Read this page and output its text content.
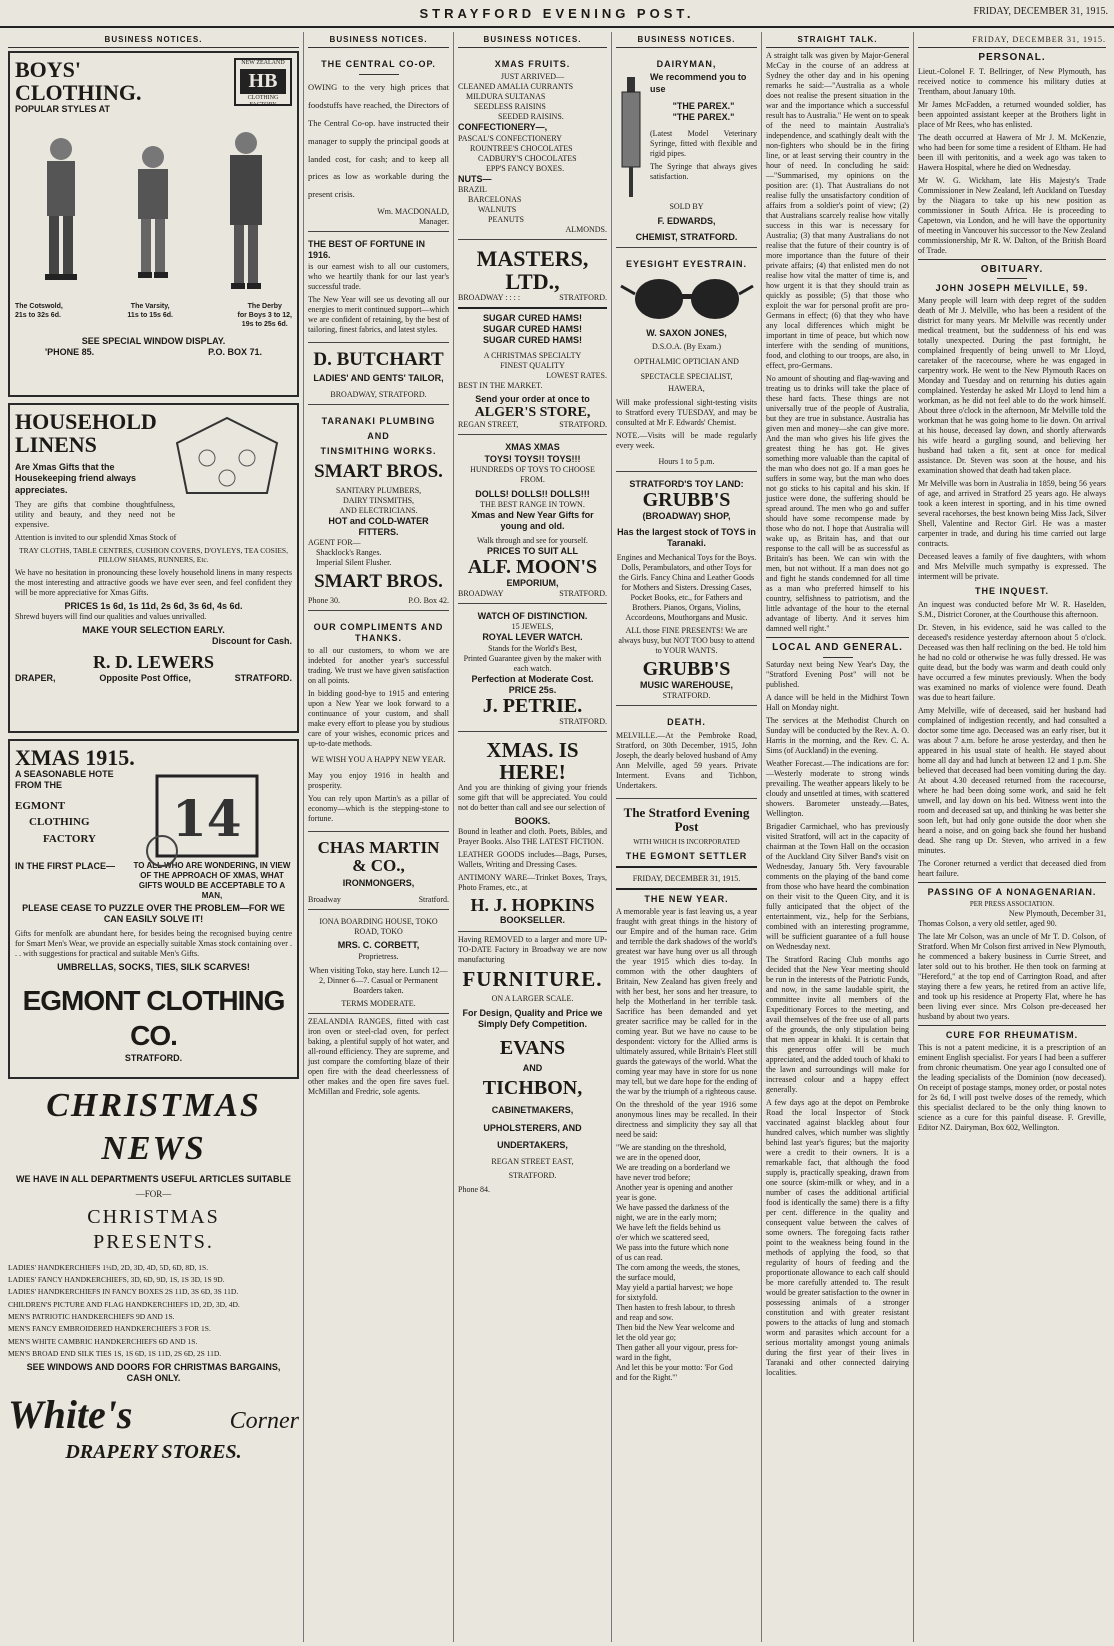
STRAYFORD EVENING POST.	FRIDAY, DECEMBER 31, 1915.
BUSINESS NOTICES.
BOYS'
CLOTHING.
POPULAR STYLES AT
NEW ZEALAND
HB
CLOTHING FACTORY
The Cotswold,
21s to 32s 6d.
The Varsity,
11s to 15s 6d.
The Derby
for Boys 3 to 12,
19s to 25s 6d.
SEE SPECIAL WINDOW DISPLAY.
'PHONE 85.	P.O. BOX 71.
HOUSEHOLD
LINENS
Are Xmas Gifts that the Housekeeping friend always appreciates.

They are gifts that combine thoughtfulness, utility and beauty, and they need not be expensive.

Attention is invited to our splendid Xmas Stock of

TRAY CLOTHS, TABLE CENTRES, CUSHION COVERS, D'OYLEYS, TEA COSIES, PILLOW SHAMS, RUNNERS, Etc.

We have no hesitation in pronouncing these lovely household linens in many respects the most interesting and attractive goods we have ever seen, and feel confident they will be more appreciative for Xmas Gifts.

PRICES 1s 6d, 1s 11d, 2s 6d, 3s 6d, 4s 6d.

Shrewd buyers will find our qualities and values unrivalled.

MAKE YOUR SELECTION EARLY.
Discount for Cash.
R. D. LEWERS
DRAPER,	Opposite Post Office,	STRATFORD.
XMAS 1915.
A SEASONABLE HOTE
FROM THE
14
EGMONT
CLOTHING
FACTORY
IN THE FIRST PLACE—	TO ALL WHO ARE WONDERING, IN VIEW OF THE APPROACH OF XMAS, WHAT GIFTS WOULD BE ACCEPTABLE TO A MAN,
PLEASE CEASE TO PUZZLE OVER THE PROBLEM—FOR WE CAN EASILY SOLVE IT!

Gifts for menfolk are abundant here, for besides being the recognised buying centre for Smart Men's Wear, we provide an especially suitable Xmas stock containing over . . . with suggestions for practical and suitable Men's Gifts.

UMBRELLAS, SOCKS, TIES, SILK SCARVES!
EGMONT CLOTHING CO.
STRATFORD.
CHRISTMAS NEWS
WE HAVE IN ALL DEPARTMENTS USEFUL ARTICLES SUITABLE
—FOR—
CHRISTMAS
PRESENTS.
LADIES' HANDKERCHIEFS 1½D, 2D, 3D, 4D, 5D, 6D, 8D, 1S.
LADIES' FANCY HANDKERCHIEFS, 3D, 6D, 9D, 1S, 1S 3D, 1S 9D.
LADIES' HANDKERCHIEFS IN FANCY BOXES 2S 11D, 3S 6D, 3S 11D.
CHILDREN'S PICTURE AND FLAG HANDKERCHIEFS 1D, 2D, 3D, 4D.
MEN'S PATRIOTIC HANDKERCHIEFS 9D AND 1S.
MEN'S FANCY EMBROIDERED HANDKERCHIEFS 3 FOR 1S.
MEN'S WHITE CAMBRIC HANDKERCHIEFS 6D AND 1S.
MEN'S BROAD END SILK TIES 1S, 1S 6D, 1S 11D, 2S 6D, 2S 11D.
SEE WINDOWS AND DOORS FOR CHRISTMAS BARGAINS,
CASH ONLY.
White's	Corner
DRAPERY STORES.
BUSINESS NOTICES.
THE CENTRAL CO-OP.

OWING to the very high prices that foodstuffs have reached, the Directors of The Central Co-op. have instructed their manager to supply the principal goods at landed cost, for cash; and to keep all prices as low as workable during the present crisis.

Wm. MACDONALD,
Manager.
THE BEST OF FORTUNE IN 1916.

is our earnest wish to all our customers, who we heartily thank for our last year's successful trade.

The New Year will see us devoting all our energies to merit continued support—which we are confident of retaining, by the best of tailoring, finest fabrics, and latest styles.

D. BUTCHART
LADIES' AND GENTS' TAILOR,
BROADWAY, STRATFORD.
TARANAKI PLUMBING
AND
TINSMITHING WORKS.
SMART BROS.
SANITARY PLUMBERS,
DAIRY TINSMITHS,
AND ELECTRICIANS.
HOT and COLD-WATER FITTERS.
AGENT FOR—
Shacklock's Ranges.
Imperial Silent Flusher.
SMART BROS.
Phone 30.	P.O. Box 42.
OUR COMPLIMENTS AND THANKS.

to all our customers, to whom we are indebted for another year's successful trading. We trust we have given satisfaction on all points.

In bidding good-bye to 1915 and entering upon a New Year we look forward to a continuance of your custom, and shall make every effort to please you by studious care of your wishes, economic prices and up-to-date methods.

WE WISH YOU A HAPPY NEW YEAR.

May you enjoy 1916 in health and prosperity.

You can rely upon Martin's as a pillar of economy—which is the stepping-stone to fortune.

CHAS MARTIN
& CO.,
IRONMONGERS,
Broadway	Stratford.
IONA BOARDING HOUSE, TOKO ROAD, TOKO
MRS. C. CORBETT,
Proprietress.

When visiting Toko, stay here. Lunch 12—2, Dinner 6—7. Casual or Permanent Boarders taken.

TERMS MODERATE.

ZEALANDIA RANGES, fitted with cast iron oven or steel-clad oven, for perfect baking, a plentiful supply of hot water, and all-round efficiency. They are supreme, and just compare the comforting blaze of their open fire with the dead cheerlessness of other makes and the open fire saves fuel. McMillan and Fredric, sole agents.

BUSINESS NOTICES.
XMAS FRUITS.
JUST ARRIVED—
CLEANED AMALIA CURRANTS
MILDURA SULTANAS
SEEDLESS RAISINS
SEEDED RAISINS.
CONFECTIONERY—,
PASCAL'S CONFECTIONERY
ROUNTREE'S CHOCOLATES
CADBURY'S CHOCOLATES
EPP'S FANCY BOXES.
NUTS—
BRAZIL
BARCELONAS
WALNUTS
PEANUTS
ALMONDS.
MASTERS,
LTD.,
BROADWAY : : : :	STRATFORD.
SUGAR CURED HAMS!
SUGAR CURED HAMS!
SUGAR CURED HAMS!
A CHRISTMAS SPECIALTY
FINEST QUALITY
LOWEST RATES.
BEST IN THE MARKET.
Send your order at once to
ALGER'S STORE,
REGAN STREET,	STRATFORD.
XMAS XMAS
TOYS! TOYS!! TOYS!!!
HUNDREDS OF TOYS TO CHOOSE FROM.
DOLLS! DOLLS!! DOLLS!!!
THE BEST RANGE IN TOWN.
Xmas and New Year Gifts for young and old.
Walk through and see for yourself.
PRICES TO SUIT ALL
ALF. MOON'S
EMPORIUM,
BROADWAY	STRATFORD.
WATCH OF DISTINCTION.
15 JEWELS,
ROYAL LEVER WATCH.
Stands for the World's Best,
Printed Guarantee given by the maker with each watch.
Perfection at Moderate Cost.
PRICE 25s.
J. PETRIE.
STRATFORD.
XMAS. IS HERE!

And you are thinking of giving your friends some gift that will be appreciated. You could not do better than call and see our selection of

BOOKS.

Bound in leather and cloth. Poets, Bibles, and Prayer Books. Also THE LATEST FICTION.

LEATHER GOODS includes—Bags, Purses, Wallets, Writing and Dressing Cases.

ANTIMONY WARE—Trinket Boxes, Trays, Photo Frames, etc., at

H. J. HOPKINS
BOOKSELLER.

Having REMOVED to a larger and more UP-TO-DATE Factory in Broadway we are now manufacturing

FURNITURE.
ON A LARGER SCALE.
For Design, Quality and Price we Simply Defy Competition.
EVANS
AND
TICHBON,
CABINETMAKERS,
UPHOLSTERERS, AND
UNDERTAKERS,
REGAN STREET EAST,
STRATFORD.
Phone 84.
BUSINESS NOTICES.
DAIRYMAN,
We recommend you to use
"THE PAREX."
"THE PAREX."

(Latest Model Veterinary Syringe, fitted with flexible and rigid pipes.

The Syringe that always gives satisfaction.

SOLD BY
F. EDWARDS,
CHEMIST, STRATFORD.
EYESIGHT EYESTRAIN.
W. SAXON JONES,
D.S.O.A. (By Exam.)
OPTHALMIC OPTICIAN AND SPECTACLE SPECIALIST,
HAWERA,

Will make professional sight-testing visits to Stratford every TUESDAY, and may be consulted at Mr F. Edwards' Chemist.

NOTE.—Visits will be made regularly every week.

Hours 1 to 5 p.m.
STRATFORD'S TOY LAND:
GRUBB'S
(BROADWAY) SHOP,
Has the largest stock of TOYS in Taranaki.

Engines and Mechanical Toys for the Boys. Dolls, Perambulators, and other Toys for the Girls. Fancy China and Leather Goods for Mothers and Sisters. Dressing Cases, Pocket Books, etc., for Fathers and Brothers. Pianos, Organs, Violins, Accordeons, Mouthorgans and Music.

ALL those FINE PRESENTS! We are always busy, but NOT TOO busy to attend to YOUR WANTS.

GRUBB'S
MUSIC WAREHOUSE,
STRATFORD.
DEATH.

MELVILLE.—At the Pembroke Road, Stratford, on 30th December, 1915, John Joseph, the dearly beloved husband of Amy Ann Melville, aged 59 years. Private Interment. Evans and Tichbon, Undertakers.

The Stratford Evening Post
WITH WHICH IS INCORPORATED
THE EGMONT SETTLER
FRIDAY, DECEMBER 31, 1915.
THE NEW YEAR.

A memorable year is fast leaving us, a year fraught with great things in the history of our Empire and of the human race. Grim and terrible the dark shadows of the world's greatest war have hung over us all through the year 1915 which dies to-day. In common with the other daughters of Britain, New Zealand has given freely and with her best, her sons and her treasure, to help the Motherland in her terrible task. Sacrifice has been demanded and yet greater sacrifice may be called for in the coming year. But we have no cause to be despondent: victory for the Allied arms is ultimately assured, while Britain's Fleet still guards the gateways of the world. What the coming year may have in store for us none may tell, but we dare hope for the ending of the war by the triumph of a righteous cause.

On the threshold of the year 1916 some anonymous lines may be recalled. In their directness and simplicity they say all that need be said:

"We are standing on the threshold,
we are in the opened door,
We are treading on a borderland we
have never trod before;
Another year is opening and another
year is gone.
We have passed the darkness of the
night, we are in the early morn;
We have left the fields behind us
o'er which we scattered seed,
We pass into the future which none
of us can read.
The corn among the weeds, the stones,
the surface mould,
May yield a partial harvest; we hope
for sixtyfold.
Then hasten to fresh labour, to thresh
and reap and sow.
Then bid the New Year welcome and
let the old year go;
Then gather all your vigour, press for-
ward in the fight,
And let this be your motto: 'For God
and for the Right.'"
STRAIGHT TALK.

A straight talk was given by Major-General McCay in the course of an address at Sydney the other day and in his opening remarks he said:—"Australia as a whole does not realise the present situation in the war and the importance which a successful result has to Australia." He went on to speak of the need to maintain Australia's independence, and scathingly dealt with the non-fighters who should be in the firing line, or at least serving their country in the hour of need. In concluding he said:—"Summarised, my opinions on the position are: (1). That Australians do not realise fully the unsatisfactory condition of affairs from a soldier's point of view; (2) that Australians scarcely realise how vitally success in this war is necessary for Australia; (3) that many Australians do not realise that the future of their country is of more importance than the future of their private affairs; (4) that enlisted men do not realise how vital the matter of time is, and how urgent it is that they should train as quickly as possible; (5) that those who exploit the war for personal profit are pro-Germans in effect; (6) that they who have any local differences which might be important in time of peace, but which now interfere with the sending of munitions, food, and clothing to our troops, are also, in effect, pro-Germans.

No amount of shouting and flag-waving and treating us to drinks will take the place of these hard facts. These things are not universally true of the people of Australia, but they are true in substance. Australia has given men and money—she can give more. And the man who gives his life gives the greatest thing he has got. He gives something more valuable than the capital of the man who does not go. If a man goes he suffers in some way, but the man who does not go sticks to his capital and his skin. If justice were done, the suffering should be spread around. The men who go and suffer should have some recompense made by those who do not. I hope that Australia will wake up, as Britain has, and that our response to the call will be as successful as Britain's has been. We can win with the men, but not without. If a man does not go and fight he stands condemned for all time as a man who preferred himself to his country, selfishness to patriotism, and the little advantage of the hour to the eternal advantage of liberty. And it serves him damned well right."

LOCAL AND GENERAL.

Saturday next being New Year's Day, the "Stratford Evening Post" will not be published.

A dance will be held in the Midhirst Town Hall on Monday night.

The services at the Methodist Church on Sunday will be conducted by the Rev. A. O. Harris in the morning, and the Rev. C. A. Sims (of Auckland) in the evening.

Weather Forecast.—The indications are for:—Westerly moderate to strong winds prevailing. The weather appears likely to be cloudy and unsettled at times, with scattered showers. Barometer unsteady.—Bates, Wellington.

Brigadier Carmichael, who has previously visited Stratford, will act in the capacity of chairman at the Town Hall on the occasion of the Auckland City Silver Band's visit on Wednesday, January 5th. Very favourable comments on the playing of the band come from those who have heard the combination on their visit to the Queen City, and it is fully anticipated that the object of the entertainment, viz., help for the Serbians, combined with an interesting programme, will be sufficient guarantee of a full house on Wednesday next.

The Stratford Racing Club months ago decided that the New Year meeting should be run in the interests of the Patriotic Funds, and now, in the same laudable spirit, the committee invite all members of the Expeditionary Forces to the meeting, and avail themselves of the free use of all parts of the grounds, the only stipulation being that men appear in khaki. It is certain that this generous offer will be much appreciated, and the added touch of khaki to the lawn and surroundings will make for increased colour and a happy effect generally.

A few days ago at the depot on Pembroke Road the local Inspector of Stock vaccinated against blackleg about four hundred calves, which number was slightly behind last year's figures; but the majority were a credit to their owners. It is a remarkable fact, that although the food supply is, practically speaking, drawn from one source (skim-milk or whey, and in a number of cases the additional artificial food is identically the same) there is a fifty per cent. difference in the quality and consequent value between the calves of some owners. The foregoing facts rather point to the weakness being found in the methods of applying the food, so that regularity of hours of feeding and the proportionate allowance to each calf should be more carefully attended to. The result would be greater satisfaction to the owner in possessing animals of a stronger constitution and with greater resistant powers to the attacks of lung and stomach worm and parasites which account for a serious mortality amongst young animals during the first year of their lives in Taranaki and other connected dairying localities.

FRIDAY, DECEMBER 31, 1915.
PERSONAL.

Lieut.-Colonel F. T. Bellringer, of New Plymouth, has received notice to commence his military duties at Trentham, about January 10th.

Mr James McFadden, a returned wounded soldier, has been appointed assistant keeper at the Brothers light in place of Mr Rees, who has enlisted.

The death occurred at Hawera of Mr J. M. McKenzie, who had been for some time a resident of Eltham. He had been ill with peritonitis, and a week ago was taken to Hawera Hospital, where he died on Wednesday.

Mr W. G. Wickham, late His Majesty's Trade Commissioner in New Zealand, left Auckland on Tuesday by the Niagara to take up his new position as commissioner in South Africa. He is proceeding to Capetown, via London, and he will have the opportunity of meeting in Vancouver his successor to the New Zealand commissionership, Mr R. W. Dalton, of the British Board of Trade.

OBITUARY.
JOHN JOSEPH MELVILLE, 59.

Many people will learn with deep regret of the sudden death of Mr J. Melville, who has been a resident of the district for many years. Mr Melville was recently under medical treatment, but the suddenness of his end was totally unexpected. During the past fortnight, he complained frequently of being unwell to Mr Lloyd, caretaker of the racecourse, where he was engaged in carpentry work. He went to the New Plymouth Races on Monday and Tuesday and on returning his duties again complained. Yesterday he asked Mr Lloyd to lend him a workman, as he did not feel able to do the work himself. About three o'clock in the afternoon, Mr Melville told the workman that he was going home to lie down. On arrival at his house, deceased lay down, and shortly afterwards his wife heard a gurgling sound, and believing her husband had taken a fit, sent at once for medical assistance. Dr. Steven was soon at the house, and his examination showed that death had taken place.

Mr Melville was born in Australia in 1859, being 56 years of age, and arrived in Stratford 25 years ago. He always took a keen interest in sporting, and in his time owned several racehorses, the best known being Miss Jack, Silver Shell, Valentine and Rector Girl. He was a master carpenter in trade, and during his time carried out large contracts.

Deceased leaves a family of five daughters, with whom and Mrs Melville much sympathy is expressed. The interment will be private.

THE INQUEST.

An inquest was conducted before Mr W. R. Haselden, S.M., District Coroner, at the Courthouse this afternoon.

Dr. Steven, in his evidence, said he was called to the deceased's residence yesterday afternoon about 5 o'clock. Deceased was then half reclining on the bed. He told him he had no cold or otherwise he was fully dressed. He was quite dead, but the body was warm and death could only have occurred a few minutes previously. When the body was examined no marks of violence were found. Death was due to heart failure.

Amy Melville, wife of deceased, said her husband had complained of indigestion recently, and had consulted a doctor some time ago. Deceased was an early riser, but it was about 7 a.m. before he arose yesterday, and then he appeared in his usual state of health. He stayed about home all day and had lunch at between 12 and 1 p.m. She believed that deceased had been vomiting during the day. At about 4.30 deceased returned from the racecourse, where he had been doing some work, and said he felt unwell, and lay down on his bed. Witness went into the room and deceased sat up, and thinking he was better she soon left, but had only gone outside the door when she heard a noise, and on going back she found her husband dead. She rang up Dr. Steven, who arrived in a few minutes.

The Coroner returned a verdict that deceased died from heart failure.

PASSING OF A NONAGENARIAN.
PER PRESS ASSOCIATION.
New Plymouth, December 31,

Thomas Colson, a very old settler, aged 90.

The late Mr Colson, was an uncle of Mr T. D. Colson, of Stratford. When Mr Colson first arrived in New Plymouth, he commenced a bakery business in Currie Street, and later sold out to his brother. He then took on farming at "Hereford," at the top end of Carrington Road, and after staying there a few years, he retired from an active life, and took up his residence at Property Flat, where he has been living ever since. Mrs Colson pre-deceased her husband by about two years.

CURE FOR RHEUMATISM.

This is not a patent medicine, it is a prescription of an eminent English specialist. For years I had been a sufferer from chronic rheumatism. One year ago I consulted one of the leading specialists of the Dominion (now deceased). On receipt of postage stamps, money order, or postal notes for 2s 6d, I will post twelve doses of the remedy, which this specialist declared to be the only thing known to science as a cure for this painful disease. F. Greville, Editor NZ. Dairyman, Box 602, Wellington.
